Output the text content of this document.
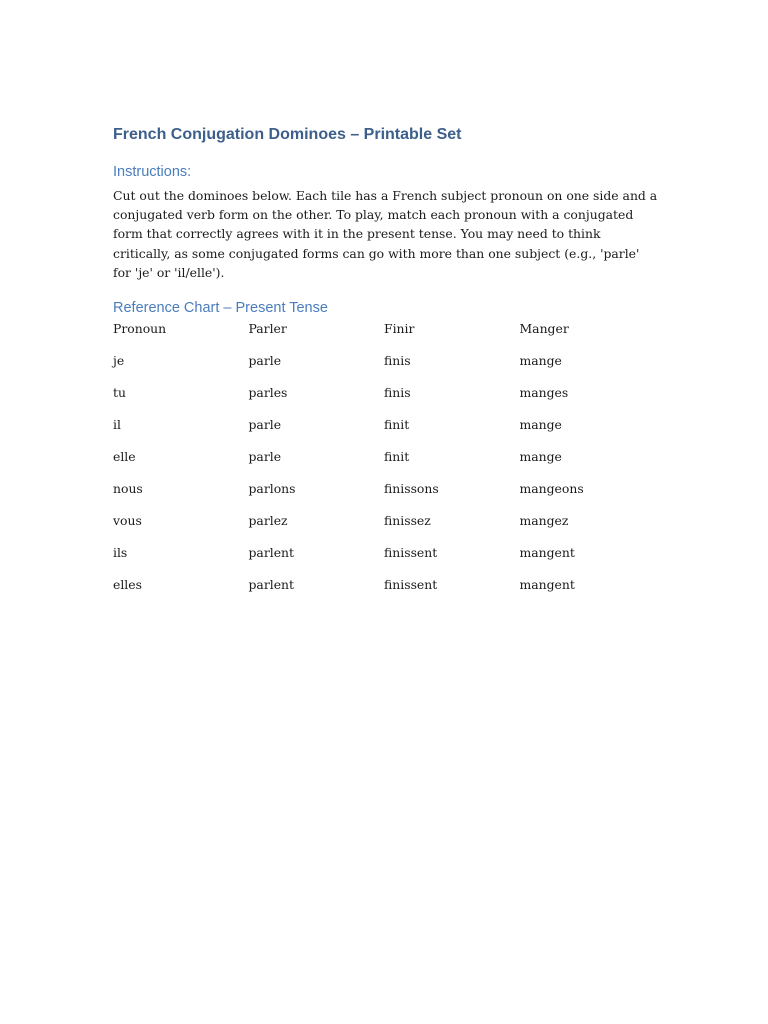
French Conjugation Dominoes – Printable Set
Instructions:

Cut out the dominoes below. Each tile has a French subject pronoun on one side and a conjugated verb form on the other. To play, match each pronoun with a conjugated form that correctly agrees with it in the present tense. You may need to think critically, as some conjugated forms can go with more than one subject (e.g., 'parle' for 'je' or 'il/elle').

Reference Chart – Present Tense
Pronoun	Parler	Finir	Manger
je	parle	finis	mange
tu	parles	finis	manges
il	parle	finit	mange
elle	parle	finit	mange
nous	parlons	finissons	mangeons
vous	parlez	finissez	mangez
ils	parlent	finissent	mangent
elles	parlent	finissent	mangent
